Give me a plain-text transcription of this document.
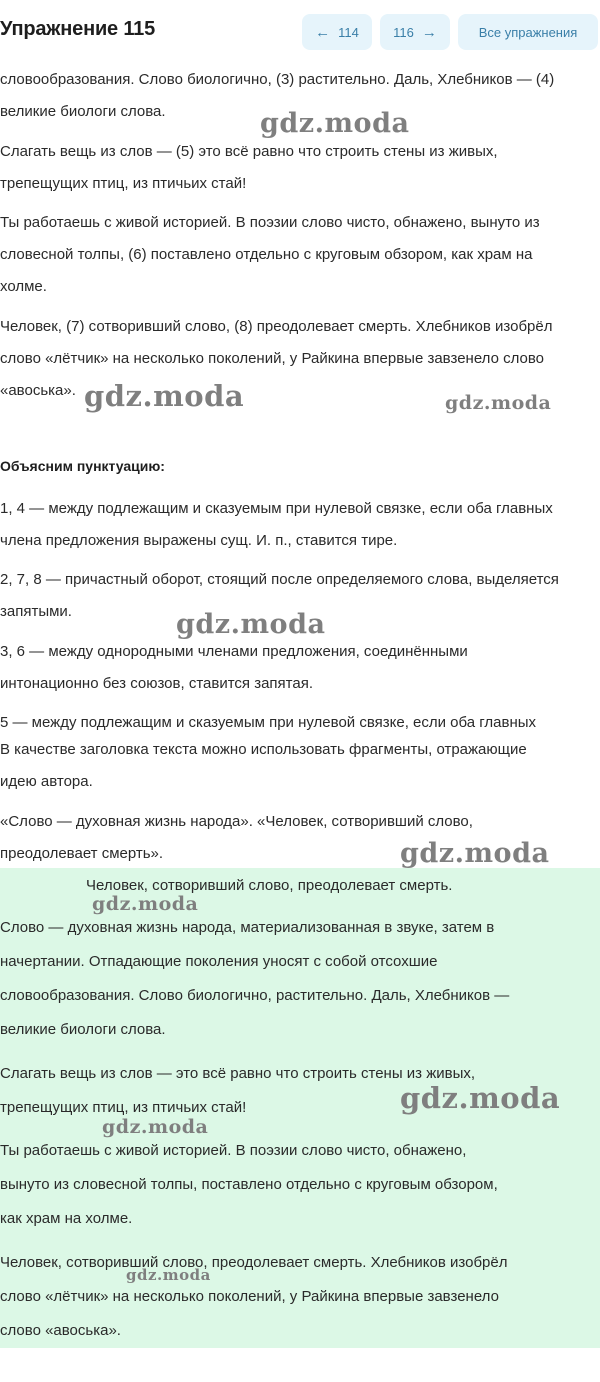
Упражнение 115	← 114	116 →	Все упражнения

словообразования. Слово биологично, (3) растительно. Даль, Хлебников — (4)

великие биологи слова.

Слагать вещь из слов — (5) это всё равно что строить стены из живых,

трепещущих птиц, из птичьих стай!

Ты работаешь с живой историей. В поэзии слово чисто, обнажено, вынуто из

словесной толпы, (6) поставлено отдельно с круговым обзором, как храм на

холме.

Человек, (7) сотворивший слово, (8) преодолевает смерть. Хлебников изобрёл

слово «лётчик» на несколько поколений, у Райкина впервые завзенело слово

«авоська».

Объясним пунктуацию:

1, 4 — между подлежащим и сказуемым при нулевой связке, если оба главных

члена предложения выражены сущ. И. п., ставится тире.

2, 7, 8 — причастный оборот, стоящий после определяемого слова, выделяется

запятыми.

3, 6 — между однородными членами предложения, соединёнными

интонационно без союзов, ставится запятая.

5 — между подлежащим и сказуемым при нулевой связке, если оба главных

В качестве заголовка текста можно использовать фрагменты, отражающие

идею автора.

«Слово — духовная жизнь народа». «Человек, сотворивший слово,

преодолевает смерть».

Человек, сотворивший слово, преодолевает смерть.

Слово — духовная жизнь народа, материализованная в звуке, затем в

начертании. Отпадающие поколения уносят с собой отсохшие

словообразования. Слово биологично, растительно. Даль, Хлебников —

великие биологи слова.

Слагать вещь из слов — это всё равно что строить стены из живых,

трепещущих птиц, из птичьих стай!

Ты работаешь с живой историей. В поэзии слово чисто, обнажено,

вынуто из словесной толпы, поставлено отдельно с круговым обзором,

как храм на холме.

Человек, сотворивший слово, преодолевает смерть. Хлебников изобрёл

слово «лётчик» на несколько поколений, у Райкина впервые завзенело

слово «авоська».

gdz.moda
gdz.moda	gdz.moda
gdz.moda
gdz.moda
gdz.moda
gdz.moda
gdz.moda
gdz.moda
